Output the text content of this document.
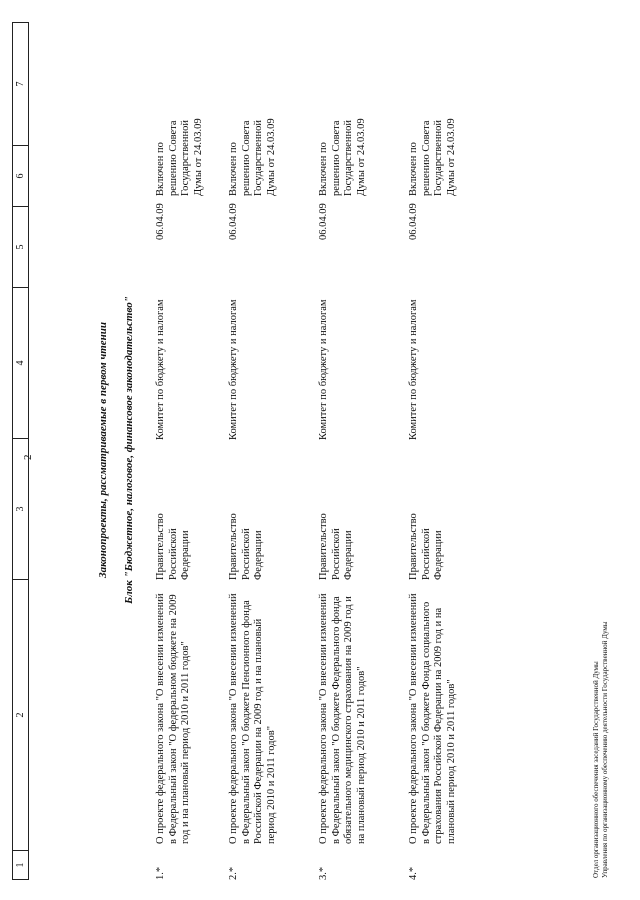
1
2
3
4
5
6
7
2	Законопроекты, рассматриваемые в первом чтении Блок "Бюджетное, налоговое, финансовое законодательство"
1.*
О проекте федерального закона "О внесении изменений в Федеральный закон "О федеральном бюджете на 2009 год и на плановый период 2010 и 2011 годов"
Правительство Российской Федерации
Комитет по бюджету и налогам
06.04.09
Включен по решению Совета Государственной Думы от 24.03.09
2.*
О проекте федерального закона "О внесении изменений в Федеральный закон "О бюджете Пенсионного фонда Российской Федерации на 2009 год и на плановый период 2010 и 2011 годов"
Правительство Российской Федерации
Комитет по бюджету и налогам
06.04.09
Включен по решению Совета Государственной Думы от 24.03.09
3.*
О проекте федерального закона "О внесении изменений в Федеральный закон "О бюджете Федерального фонда обязательного медицинского страхования на 2009 год и на плановый период 2010 и 2011 годов"
Правительство Российской Федерации
Комитет по бюджету и налогам
06.04.09
Включен по решению Совета Государственной Думы от 24.03.09
4.*
О проекте федерального закона "О внесении изменений в Федеральный закон "О бюджете Фонда социального страхования Российской Федерации на 2009 год и на плановый период 2010 и 2011 годов"
Правительство Российской Федерации
Комитет по бюджету и налогам
06.04.09
Включен по решению Совета Государственной Думы от 24.03.09
Отдел организационного обеспечения заседаний Государственной Думы Управления по организационному обеспечению деятельности Государственной Думы
